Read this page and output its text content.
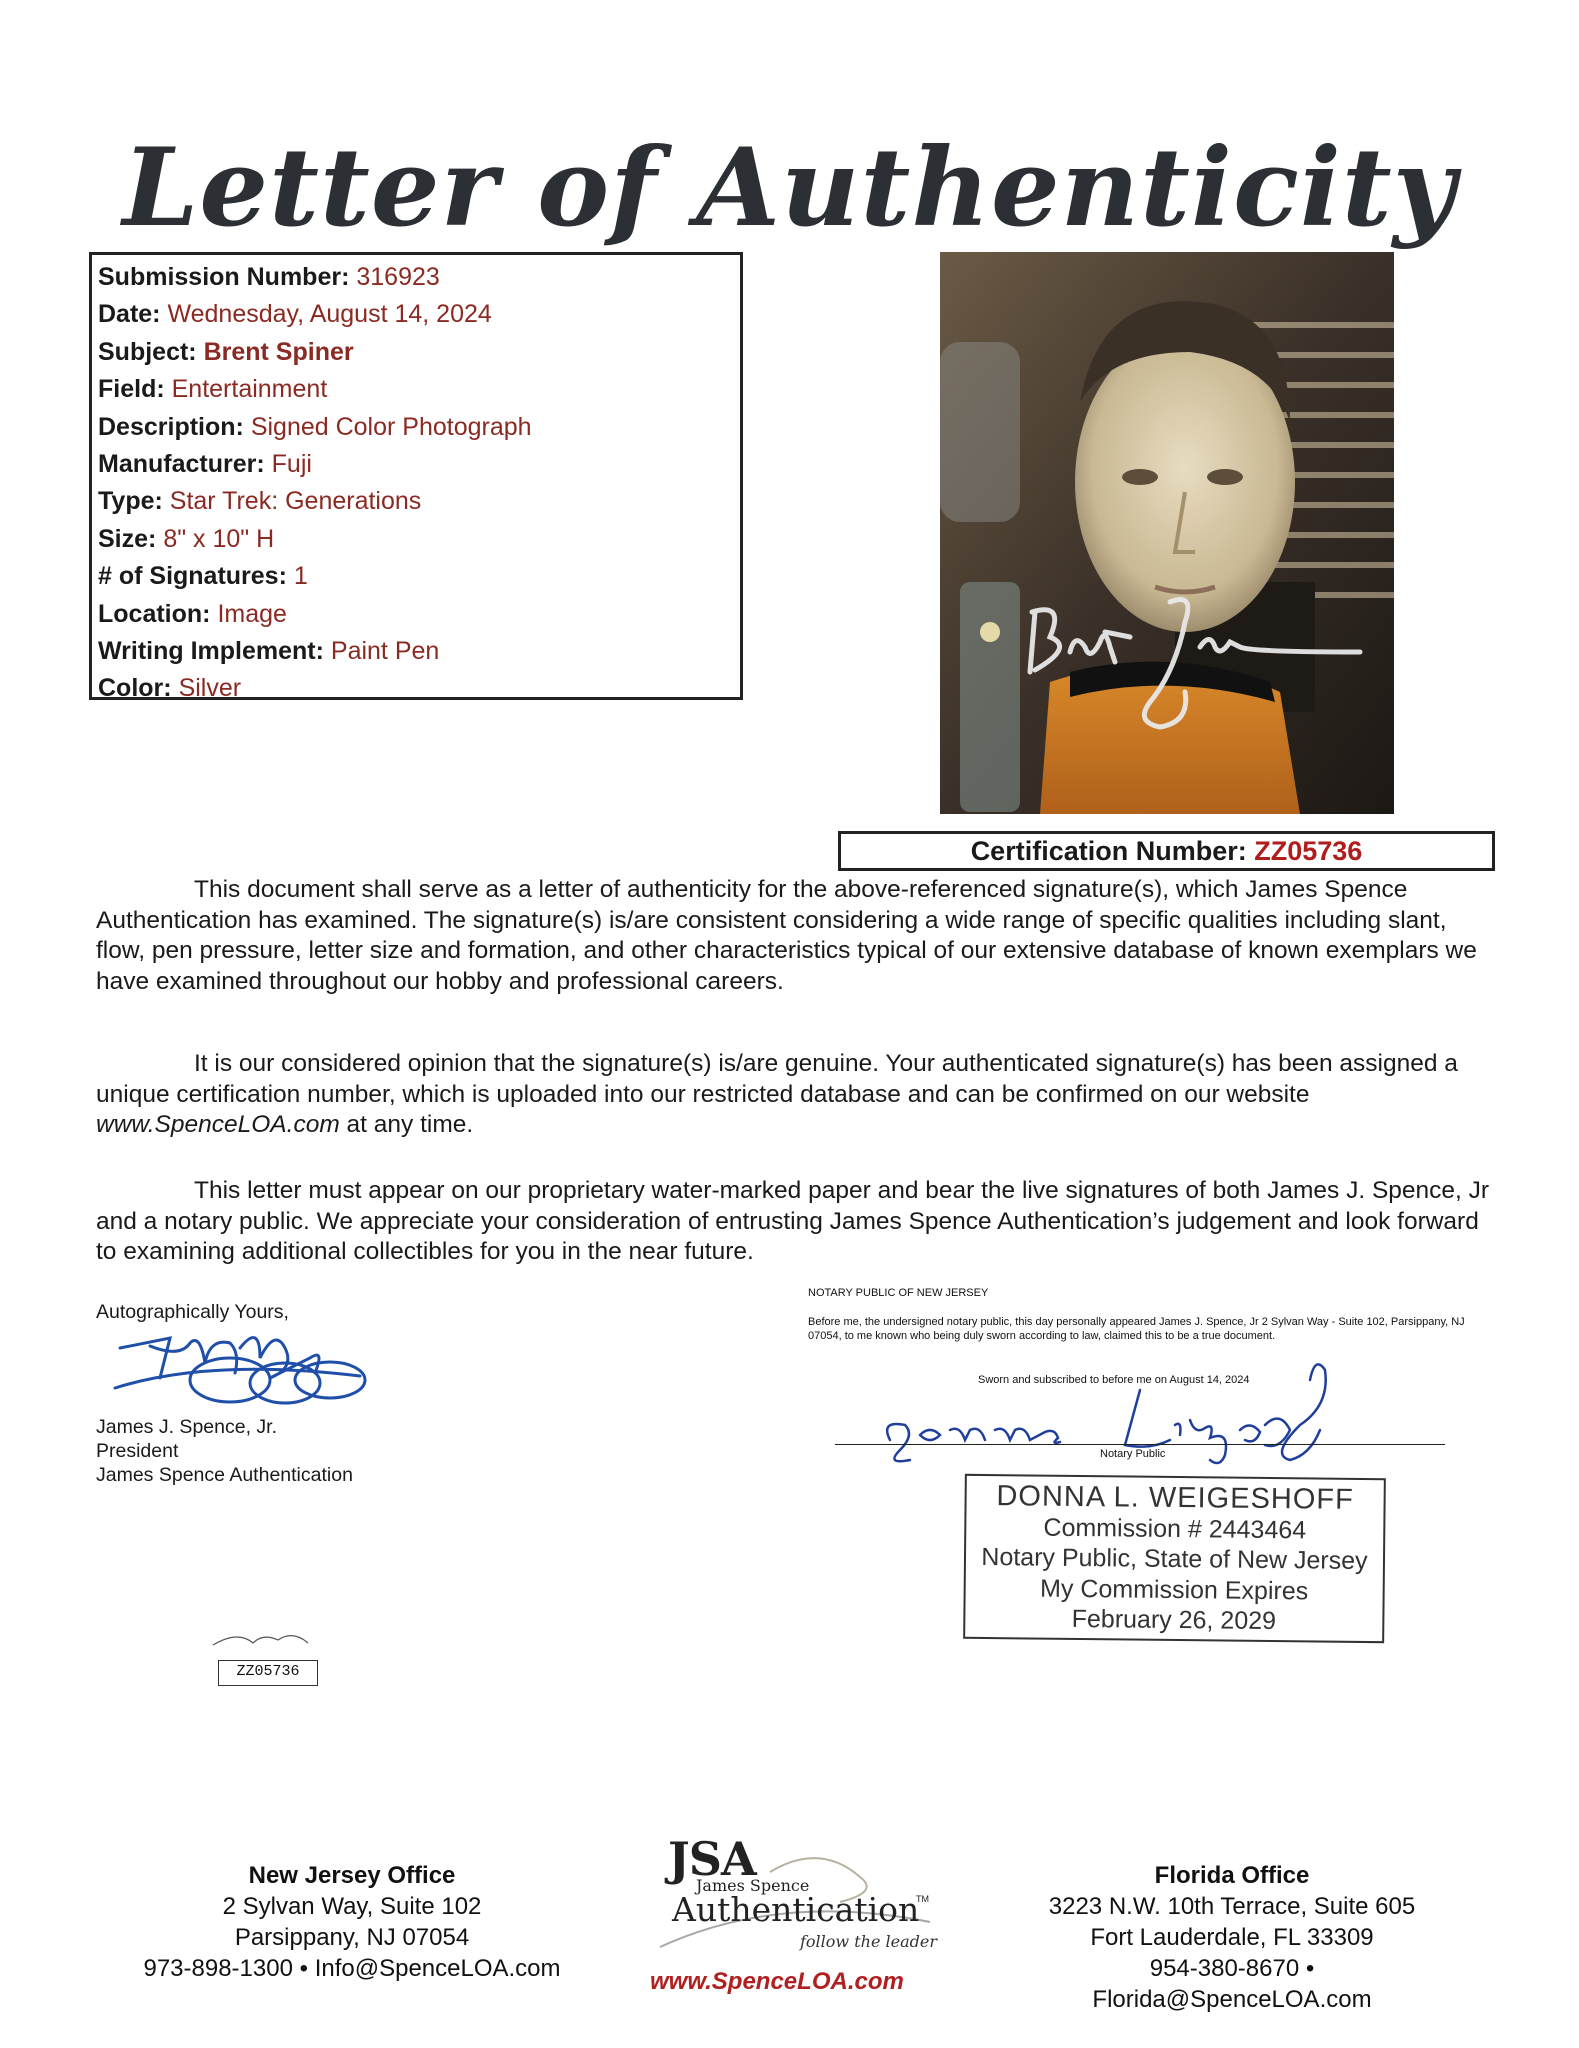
Letter of Authenticity
Submission Number: 316923
Date: Wednesday, August 14, 2024
Subject: Brent Spiner
Field: Entertainment
Description: Signed Color Photograph
Manufacturer: Fuji
Type: Star Trek: Generations
Size: 8" x 10" H
# of Signatures: 1
Location: Image
Writing Implement: Paint Pen
Color: Silver
Certification Number: ZZ05736
This document shall serve as a letter of authenticity for the above-referenced signature(s), which James Spence Authentication has examined. The signature(s) is/are consistent considering a wide range of specific qualities including slant, flow, pen pressure, letter size and formation, and other characteristics typical of our extensive database of known exemplars we have examined throughout our hobby and professional careers.
It is our considered opinion that the signature(s) is/are genuine. Your authenticated signature(s) has been assigned a unique certification number, which is uploaded into our restricted database and can be confirmed on our website www.SpenceLOA.com at any time.
This letter must appear on our proprietary water-marked paper and bear the live signatures of both James J. Spence, Jr and a notary public. We appreciate your consideration of entrusting James Spence Authentication’s judgement and look forward to examining additional collectibles for you in the near future.
Autographically Yours,
James J. Spence, Jr.
President
James Spence Authentication
NOTARY PUBLIC OF NEW JERSEY
Before me, the undersigned notary public, this day personally appeared James J. Spence, Jr 2 Sylvan Way - Suite 102, Parsippany, NJ 07054, to me known who being duly sworn according to law, claimed this to be a true document.
Sworn and subscribed to before me on August 14, 2024
Notary Public
DONNA L. WEIGESHOFF
Commission # 2443464
Notary Public, State of New Jersey
My Commission Expires
February 26, 2029
ZZ05736
New Jersey Office
2 Sylvan Way, Suite 102
Parsippany, NJ 07054
973-898-1300 • Info@SpenceLOA.com
JSA
James Spence
Authentication
TM
follow the leader
www.SpenceLOA.com
Florida Office
3223 N.W. 10th Terrace, Suite 605
Fort Lauderdale, FL 33309
954-380-8670 • Florida@SpenceLOA.com
